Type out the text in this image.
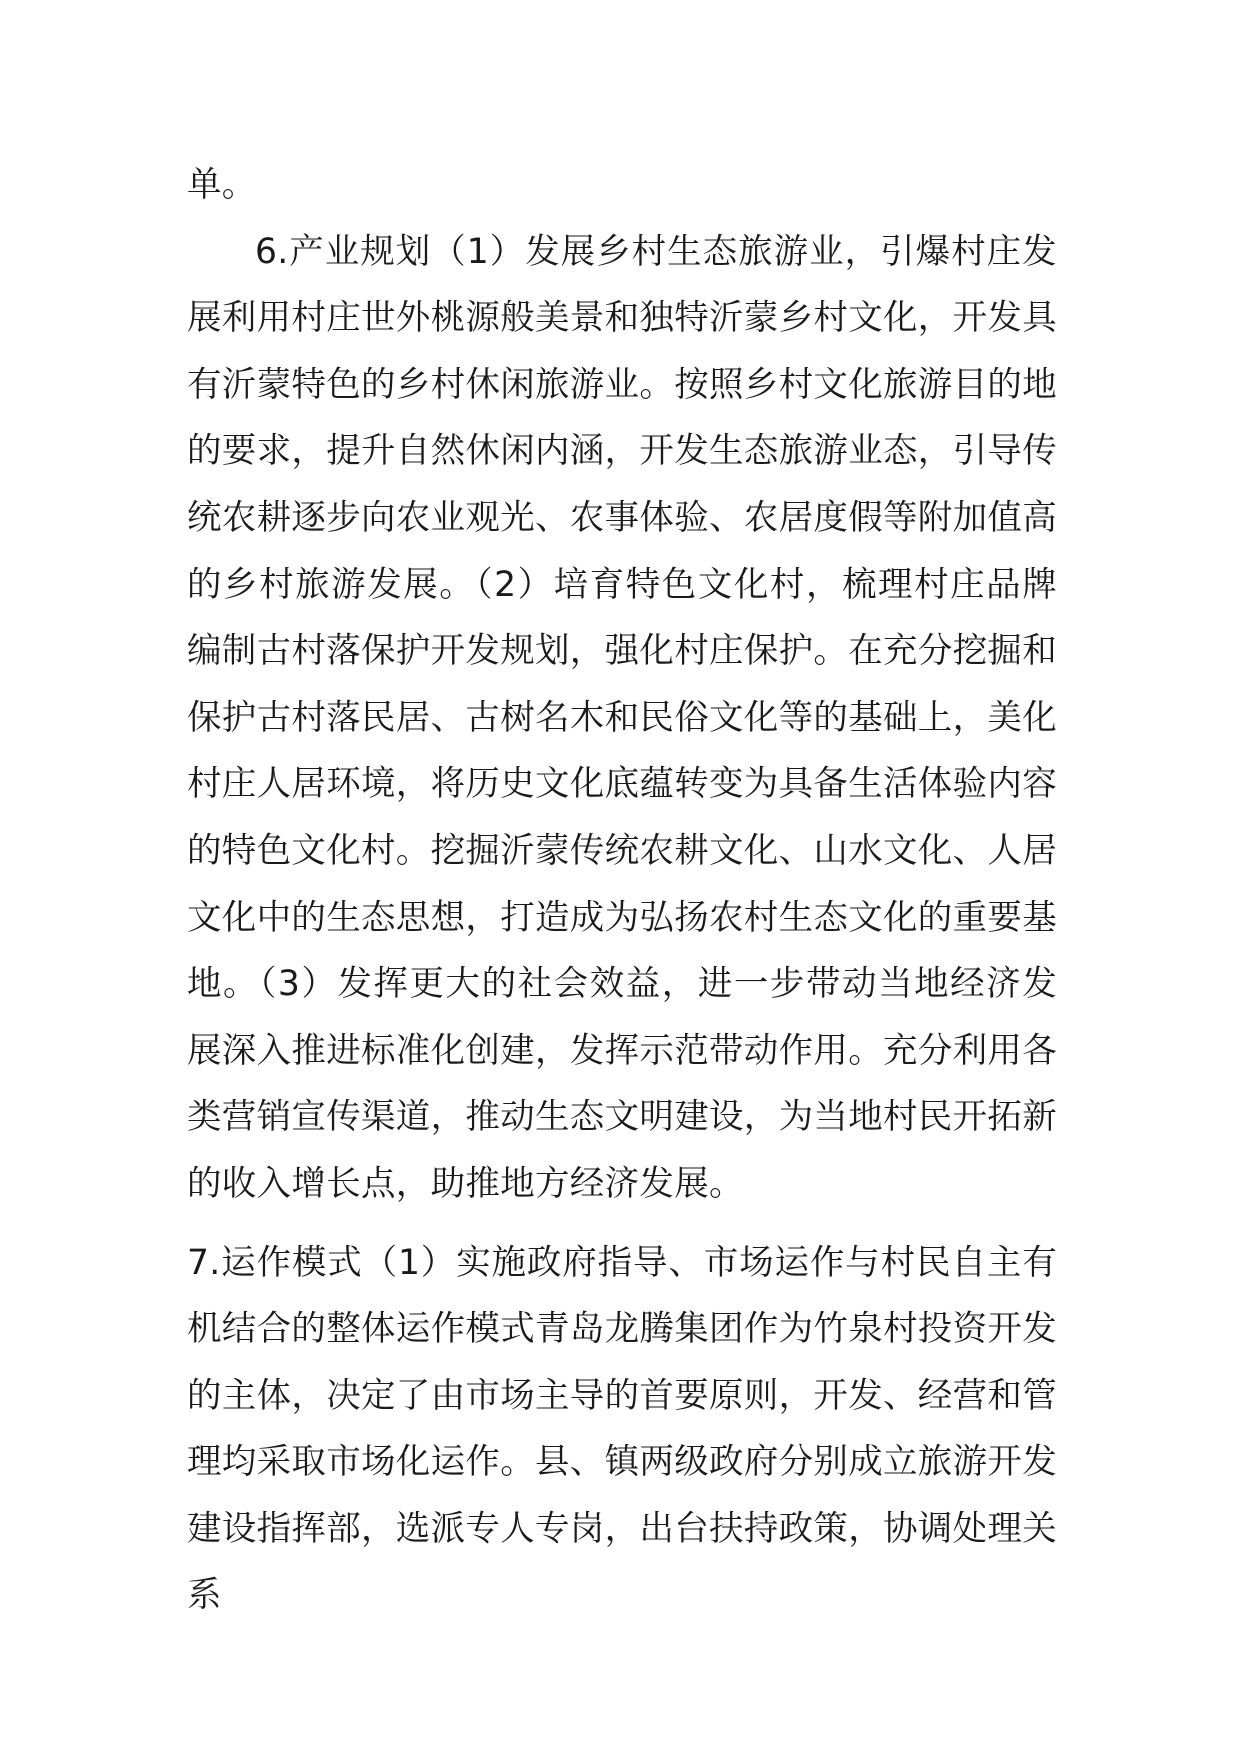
单。

6.产业规划（1）发展乡村生态旅游业，引爆村庄发展利用村庄世外桃源般美景和独特沂蒙乡村文化，开发具有沂蒙特色的乡村休闲旅游业。按照乡村文化旅游目的地的要求，提升自然休闲内涵，开发生态旅游业态，引导传统农耕逐步向农业观光、农事体验、农居度假等附加值高的乡村旅游发展。（2）培育特色文化村，梳理村庄品牌编制古村落保护开发规划，强化村庄保护。在充分挖掘和保护古村落民居、古树名木和民俗文化等的基础上，美化村庄人居环境，将历史文化底蕴转变为具备生活体验内容的特色文化村。挖掘沂蒙传统农耕文化、山水文化、人居文化中的生态思想，打造成为弘扬农村生态文化的重要基地。（3）发挥更大的社会效益，进一步带动当地经济发展深入推进标准化创建，发挥示范带动作用。充分利用各类营销宣传渠道，推动生态文明建设，为当地村民开拓新的收入增长点，助推地方经济发展。

7.运作模式（1）实施政府指导、市场运作与村民自主有机结合的整体运作模式青岛龙腾集团作为竹泉村投资开发的主体，决定了由市场主导的首要原则，开发、经营和管理均采取市场化运作。县、镇两级政府分别成立旅游开发建设指挥部，选派专人专岗，出台扶持政策，协调处理关系
